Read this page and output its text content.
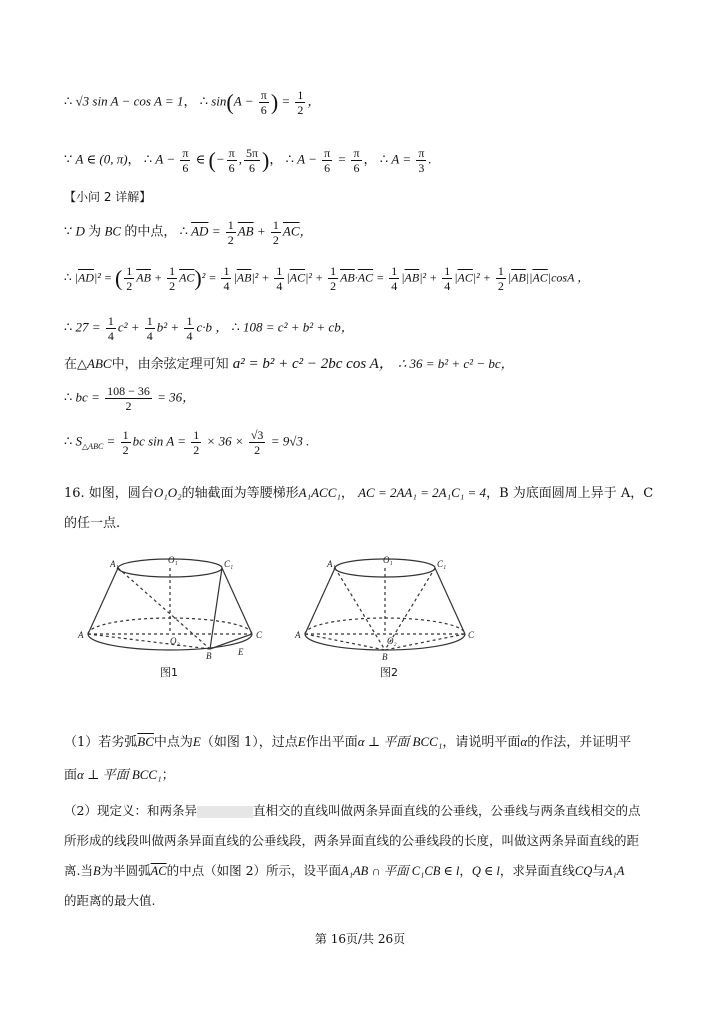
∴ √3 sin A − cos A = 1， ∴ $\sin(A - \frac{\pi}{6}$ ) = $\frac{1}{2}$ ，
∵ A ∈ (0, π)， ∴ $A - \frac{\pi}{6}$ ∈ (− $\frac{\pi}{6}$ , $\frac{5\pi}{6}$ )， ∴ $A - \frac{\pi}{6} = \frac{\pi}{6}$ ， ∴ $A = \frac{\pi}{3}$ .
【小问 2 详解】
∵ D 为 BC 的中点， ∴ $\overline{AD} = \frac{1}{2} \overline{AB} + \frac{1}{2} \overline{AC}$，
∴ $|\overline{AD}|^2$ = ( $\frac{1}{2} \overline{AB} + \frac{1}{2} \overline{AC})^2 = \frac{1}{4} |\overline{AB}|^2 + \frac{1}{4} |\overline{AC}|^2 + \frac{1}{2} \overline{AB}\cdot\overline{AC} = \frac{1}{4} |\overline{AB}|^2 + \frac{1}{4} |\overline{AC}|^2 + \frac{1}{2} |\overline{AB}||\overline{AC}|\cos A$ ，
∴ $27 = \frac{1}{4} c^2 + \frac{1}{4} b^2 + \frac{1}{4} c\cdot b$ ， ∴ 108 = c² + b² + cb，
在△ABC中，由余弦定理可知 a² = b² + c² − 2bc cos A， ∴ 36 = b² + c² − bc，
∴ bc = $\frac{108 - 36}{2} = 36$，
∴ $S_{\triangle ABC} = \frac{1}{2}$ bc $\sin A = \frac{1}{2} \times 36 \times \frac{√3}{2} = 9√3$ .
16. 如图，圆台O₁O₂的轴截面为等腰梯形A₁ACC₁， AC = 2AA₁ = 2A₁C₁ = 4，B 为底面圆周上异于 A，C
的任一点.
A₁	O₁	C₁
A
O₂
C
B	E
图1
A₁	O₁	C₁
A
O₂
C
B
图2
（1）若劣弧$\overline{BC}$中点为E（如图 1），过点E作出平面α ⊥ 平面 BCC₁，请说明平面α的作法，并证明平
面α ⊥ 平面 BCC₁；
（2）现定义：和两条异	直相交的直线叫做两条异面直线的公垂线，公垂线与两条直线相交的点
所形成的线段叫做两条异面直线的公垂线段，两条异面直线的公垂线段的长度，叫做这两条异面直线的距
离.当B为半圆弧$\overline{AC}$的中点（如图 2）所示，设平面A₁AB ∩ 平面 C₁CB ∈ l，Q ∈ l，求异面直线CQ与A₁A
的距离的最大值.
第 16页/共 26页
